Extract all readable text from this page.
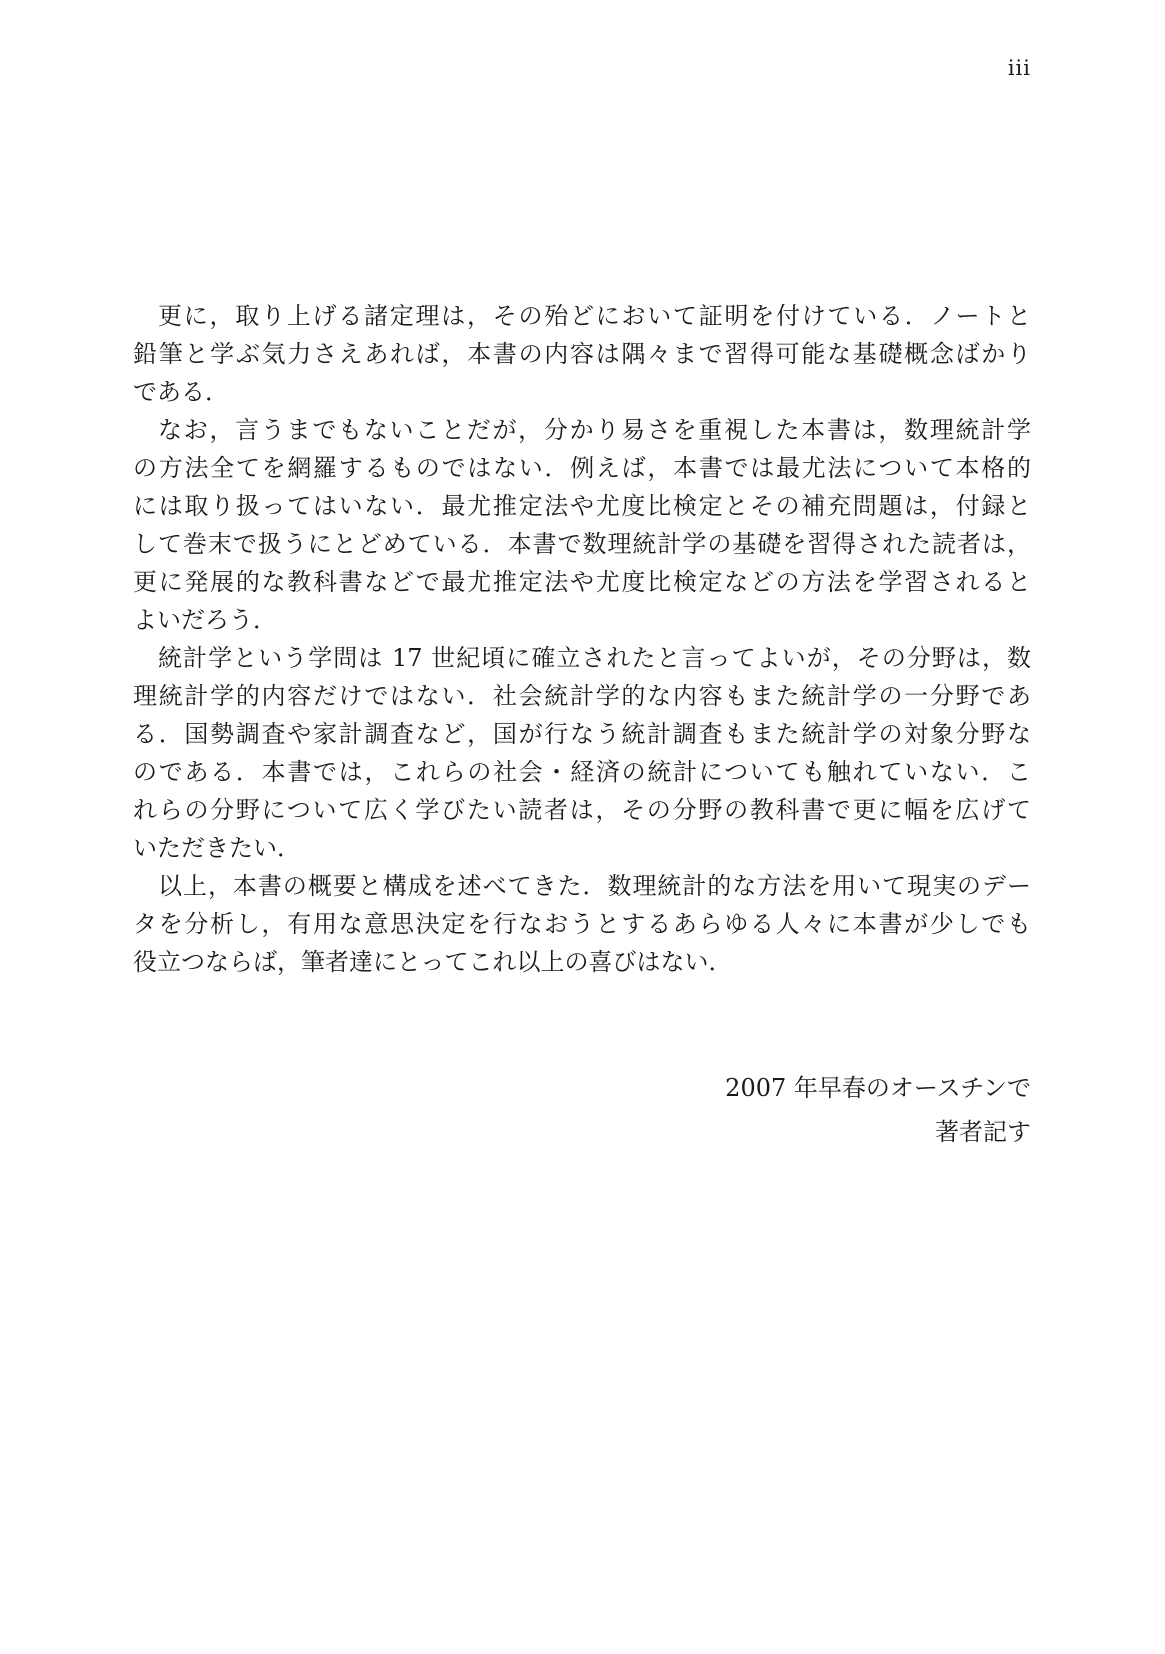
iii
更に，取り上げる諸定理は，その殆どにおいて証明を付けている．ノートと
鉛筆と学ぶ気力さえあれば，本書の内容は隅々まで習得可能な基礎概念ばかり
である．
なお，言うまでもないことだが，分かり易さを重視した本書は，数理統計学
の方法全てを網羅するものではない．例えば，本書では最尤法について本格的
には取り扱ってはいない．最尤推定法や尤度比検定とその補充問題は，付録と
して巻末で扱うにとどめている．本書で数理統計学の基礎を習得された読者は，
更に発展的な教科書などで最尤推定法や尤度比検定などの方法を学習されると
よいだろう．
統計学という学問は 17 世紀頃に確立されたと言ってよいが，その分野は，数
理統計学的内容だけではない．社会統計学的な内容もまた統計学の一分野であ
る．国勢調査や家計調査など，国が行なう統計調査もまた統計学の対象分野な
のである．本書では，これらの社会・経済の統計についても触れていない．こ
れらの分野について広く学びたい読者は，その分野の教科書で更に幅を広げて
いただきたい．
以上，本書の概要と構成を述べてきた．数理統計的な方法を用いて現実のデー
タを分析し，有用な意思決定を行なおうとするあらゆる人々に本書が少しでも
役立つならば，筆者達にとってこれ以上の喜びはない．
2007 年早春のオースチンで
著者記す
